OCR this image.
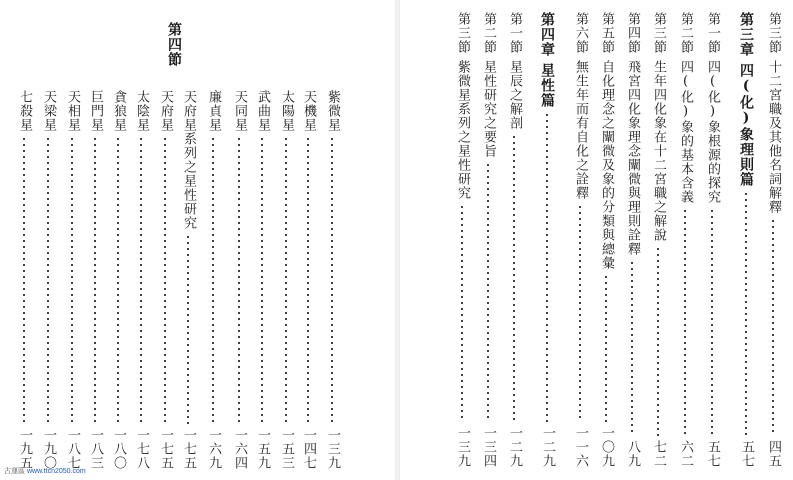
第四節
紫微星
一三九
天機星
一四七
太陽星
一五三
武曲星
一五九
天同星
一六四
廉貞星
一六九
天府星系列之星性研究
一七五
天府星
一七五
太陰星
一七八
貪狼星
一八〇
巨門星
一八三
天相星
一八七
天梁星
一九〇
七殺星
一九五
第三節
十二宮職及其他名詞解釋
四五
第三章
四(化)象理則篇
五七
第一節
四(化)象根源的探究
五七
第二節
四(化)象的基本含義
六二
第三節
生年四化象在十二宮職之解說
七二
第四節
飛宮四化象理念闡微與理則詮釋
八九
第五節
自化理念之闡微及象的分類與總彙
一〇九
第六節
無生年而有自化之詮釋
一一六
第四章
星性篇
一二九
第一節
星辰之解剖
一二九
第二節
星性研究之要旨
一三四
第三節
紫微星系列之星性研究
一三九
古運區 www.ttcn2050.com
